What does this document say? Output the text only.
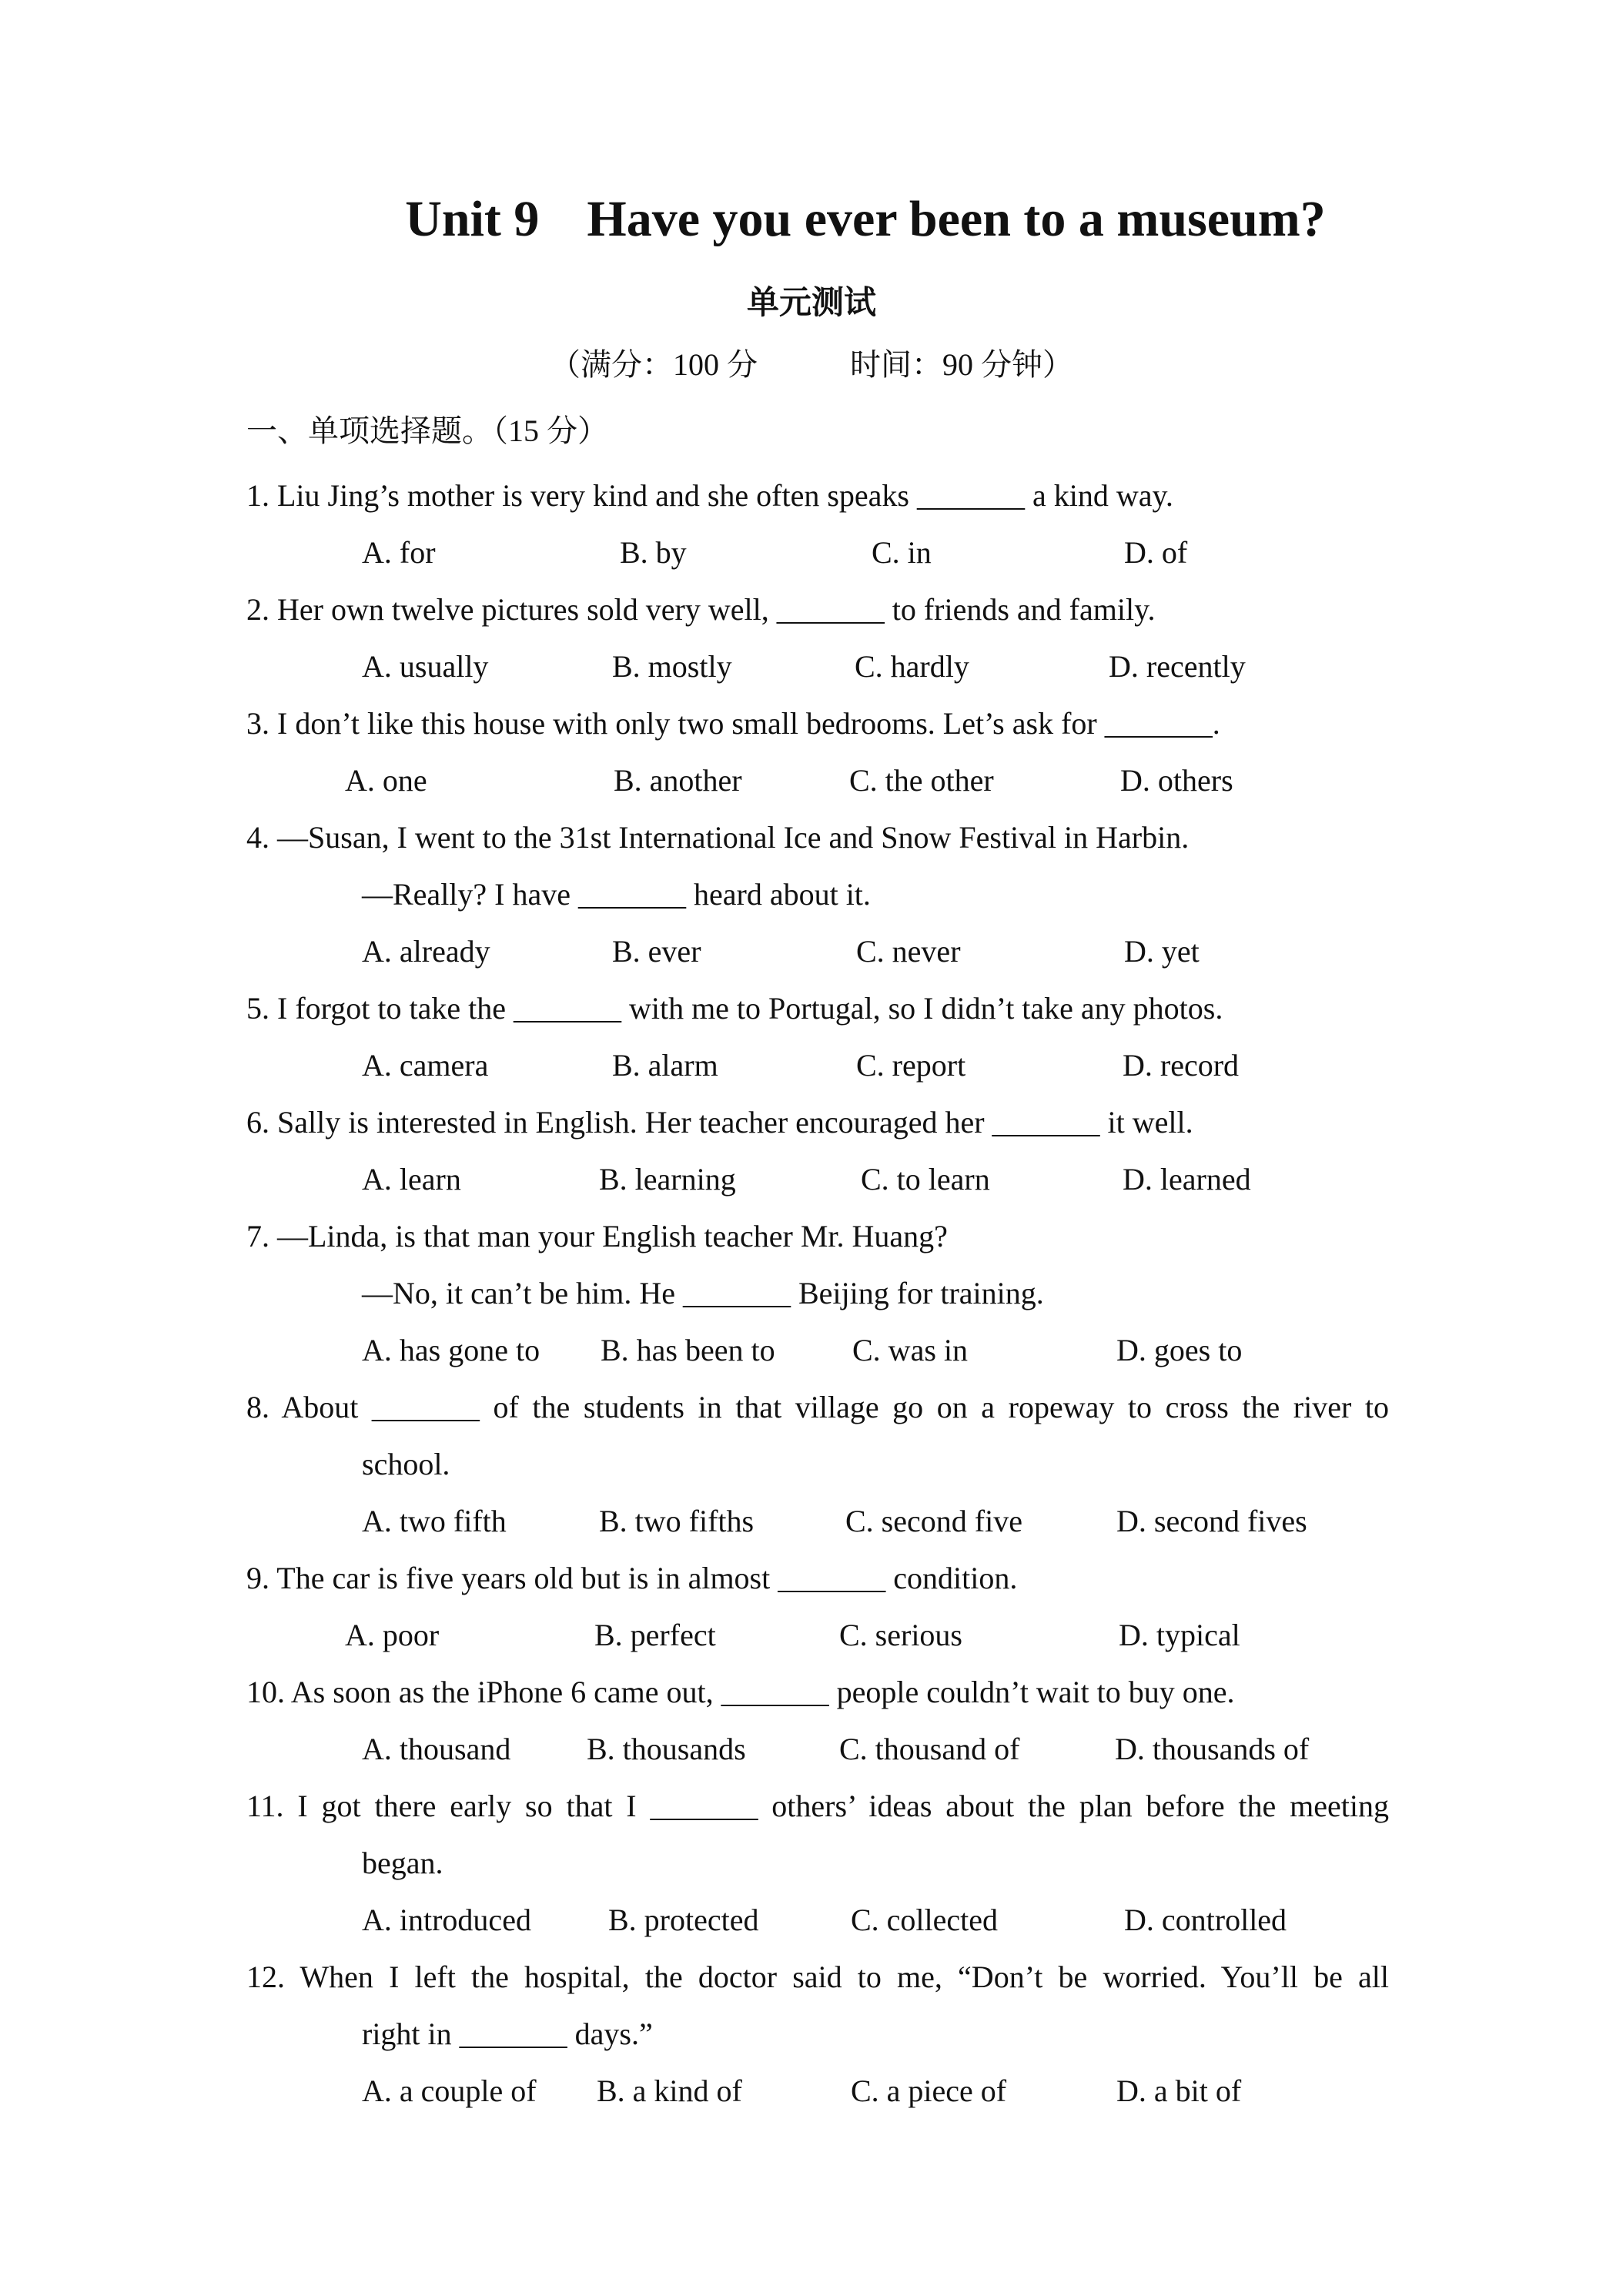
Unit 9 Have you ever been to a museum?
单元测试
（满分：100 分	时间：90 分钟）
一、单项选择题。（15 分）
1. Liu Jing’s mother is very kind and she often speaks _______ a kind way.
A. for	B. by	C. in	D. of
2. Her own twelve pictures sold very well, _______ to friends and family.
A. usually	B. mostly	C. hardly	D. recently
3. I don’t like this house with only two small bedrooms. Let’s ask for _______.
A. one	B. another	C. the other	D. others
4. —Susan, I went to the 31st International Ice and Snow Festival in Harbin.
—Really? I have _______ heard about it.
A. already	B. ever	C. never	D. yet
5. I forgot to take the _______ with me to Portugal, so I didn’t take any photos.
A. camera	B. alarm	C. report	D. record
6. Sally is interested in English. Her teacher encouraged her _______ it well.
A. learn	B. learning	C. to learn	D. learned
7. —Linda, is that man your English teacher Mr. Huang?
—No, it can’t be him. He _______ Beijing for training.
A. has gone to B. has been to	C. was in	D. goes to
8. About _______ of the students in that village go on a ropeway to cross the river to
school.
A. two fifth	B. two fifths	C. second five	D. second fives
9. The car is five years old but is in almost _______ condition.
A. poor	B. perfect	C. serious	D. typical
10. As soon as the iPhone 6 came out, _______ people couldn’t wait to buy one.
A. thousand B. thousands	C. thousand of	D. thousands of
11. I got there early so that I _______ others’ ideas about the plan before the meeting
began.
A. introduced	B. protected	C. collected	D. controlled
12. When I left the hospital, the doctor said to me, “Don’t be worried. You’ll be all
right in _______ days.”
A. a couple of B. a kind of	C. a piece of	D. a bit of
